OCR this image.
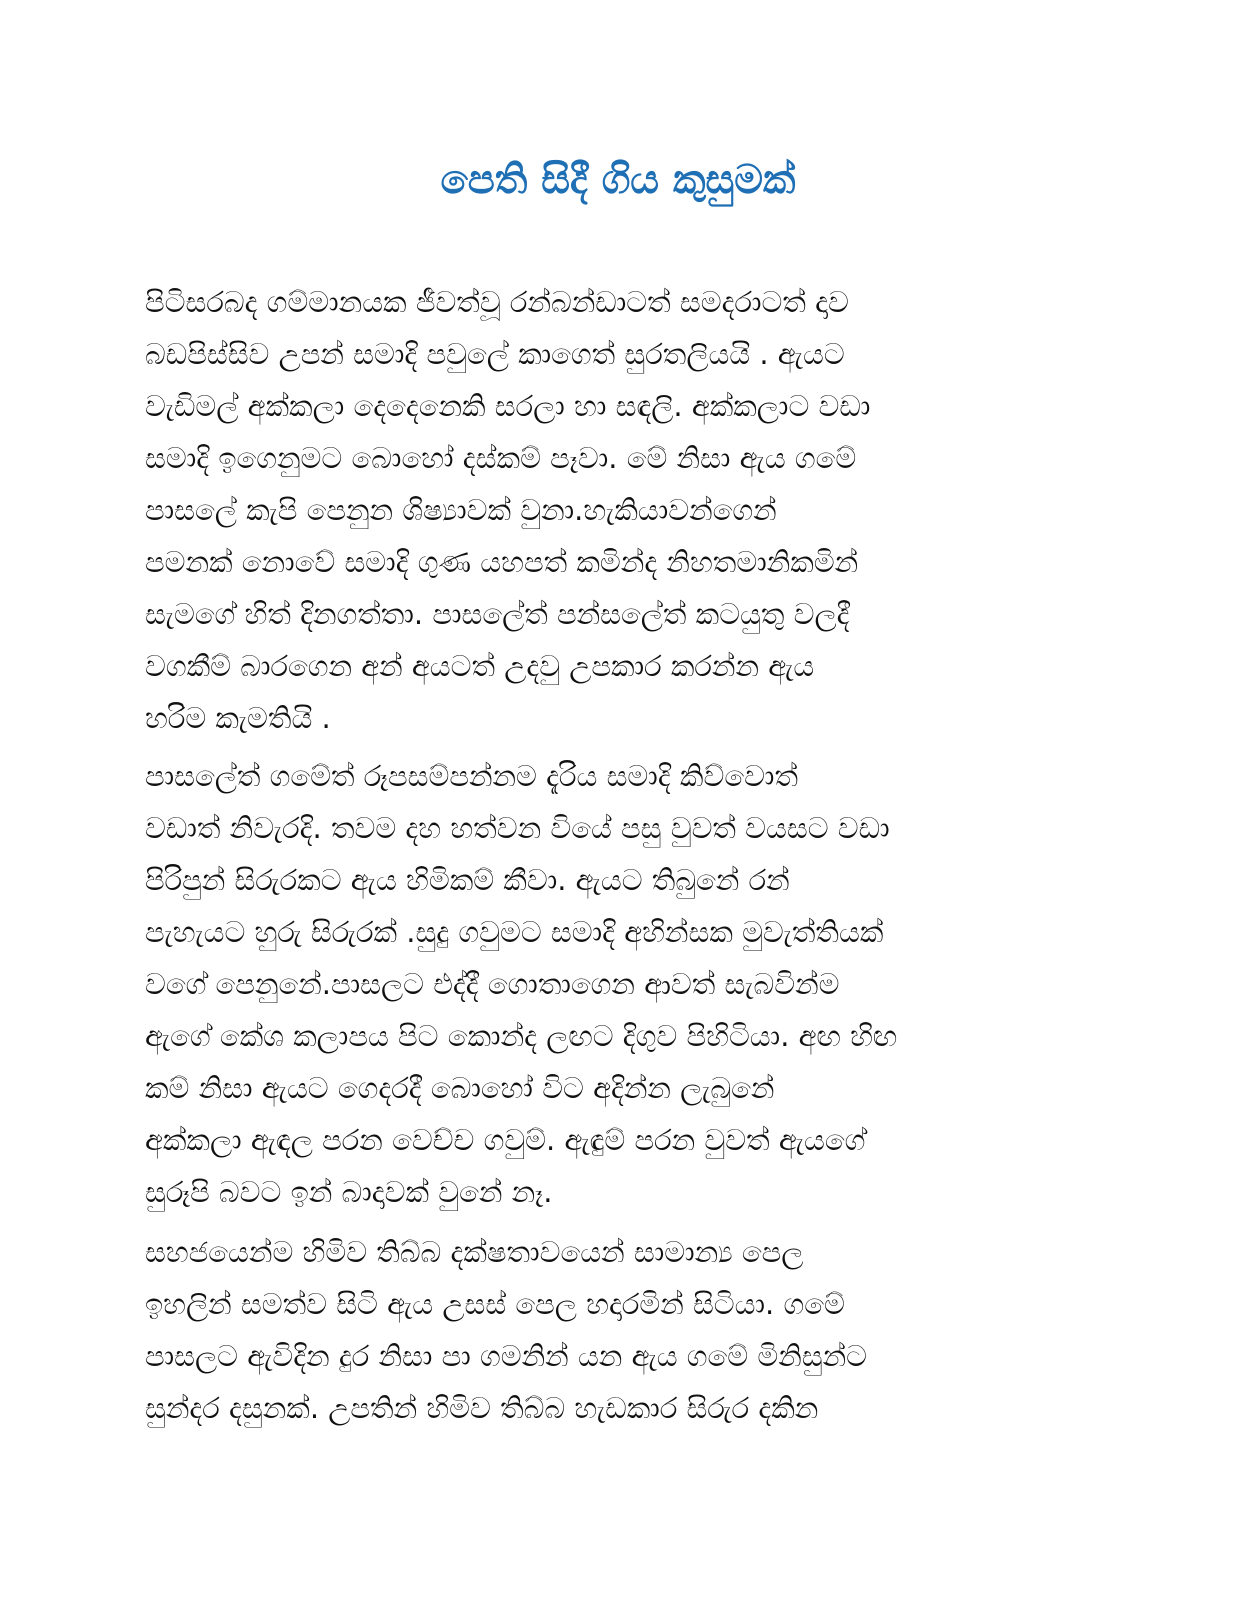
පෙති සිදී ගිය කුසුමක්
පිටිසරබද ගම්මානයක ජීවත්වූ රන්බන්ඩාටත් සමදරාටත් දාව
බඩපිස්සිව උපන් සමාදි පවුලේ කාගෙත් සුරතලියයි . ඇයට
වැඩිමල් අක්කලා දෙදෙනෙකි සරලා හා සඳලි. අක්කලාට වඩා
සමාදි ඉගෙනුමට බොහෝ දස්කම් පෑවා. මේ නිසා ඇය ගමේ
පාසලේ කැපි පෙනුන ශිෂ්‍යාවක් වුනා.හැකියාවන්ගෙන්
පමනක් නොවේ සමාදි ගුණ යහපත් කමින්ද නිහතමානිකමින්
සැමගේ හිත් දිනගත්තා. පාසලේත් පන්සලේත් කටයුතු වලදී
වගකීම් බාරගෙන අන් අයටත් උදවු උපකාර කරන්න ඇය
හරිම කැමතියි .
පාසලේත් ගමේත් රූපසම්පන්නම දැරිය සමාදි කිව්වොත්
වඩාත් නිවැරදි. තවම දහ හත්වන වියේ පසු වුවත් වයසට වඩා
පිරිපුන් සිරුරකට ඇය හිමිකම් කීවා. ඇයට තිබුනේ රන්
පැහැයට හුරු සිරුරක් .සුදු ගවුමට සමාදි අහින්සක මුවැත්තියක්
වගේ පෙනුනේ.පාසලට එද්දී ගොතාගෙන ආවත් සැබවින්ම
ඇගේ කේශ කලාපය පිට කොන්ද ලඟට දිගුව පිහිටියා. අඟ හිඟ
කම් නිසා ඇයට ගෙදරදී බොහෝ විට අදින්න ලැබුනේ
අක්කලා ඇඳල පරන වෙච්ච ගවුම්. ඇඳුම් පරන වුවත් ඇයගේ
සුරූපි බවට ඉන් බාදාවක් වුනේ නෑ.
සහජයෙන්ම හිමිව තිබ්බ දක්ෂතාවයෙන් සාමාන්‍ය පෙල
ඉහලින් සමත්ව සිටි ඇය උසස් පෙල හදාරමින් සිටියා. ගමේ
පාසලට ඇවිදින දුර නිසා පා ගමනින් යන ඇය ගමේ මිනිසුන්ට
සුන්දර දසුනක්. උපතින් හිමිව තිබ්බ හැඩකාර සිරුර දකින
